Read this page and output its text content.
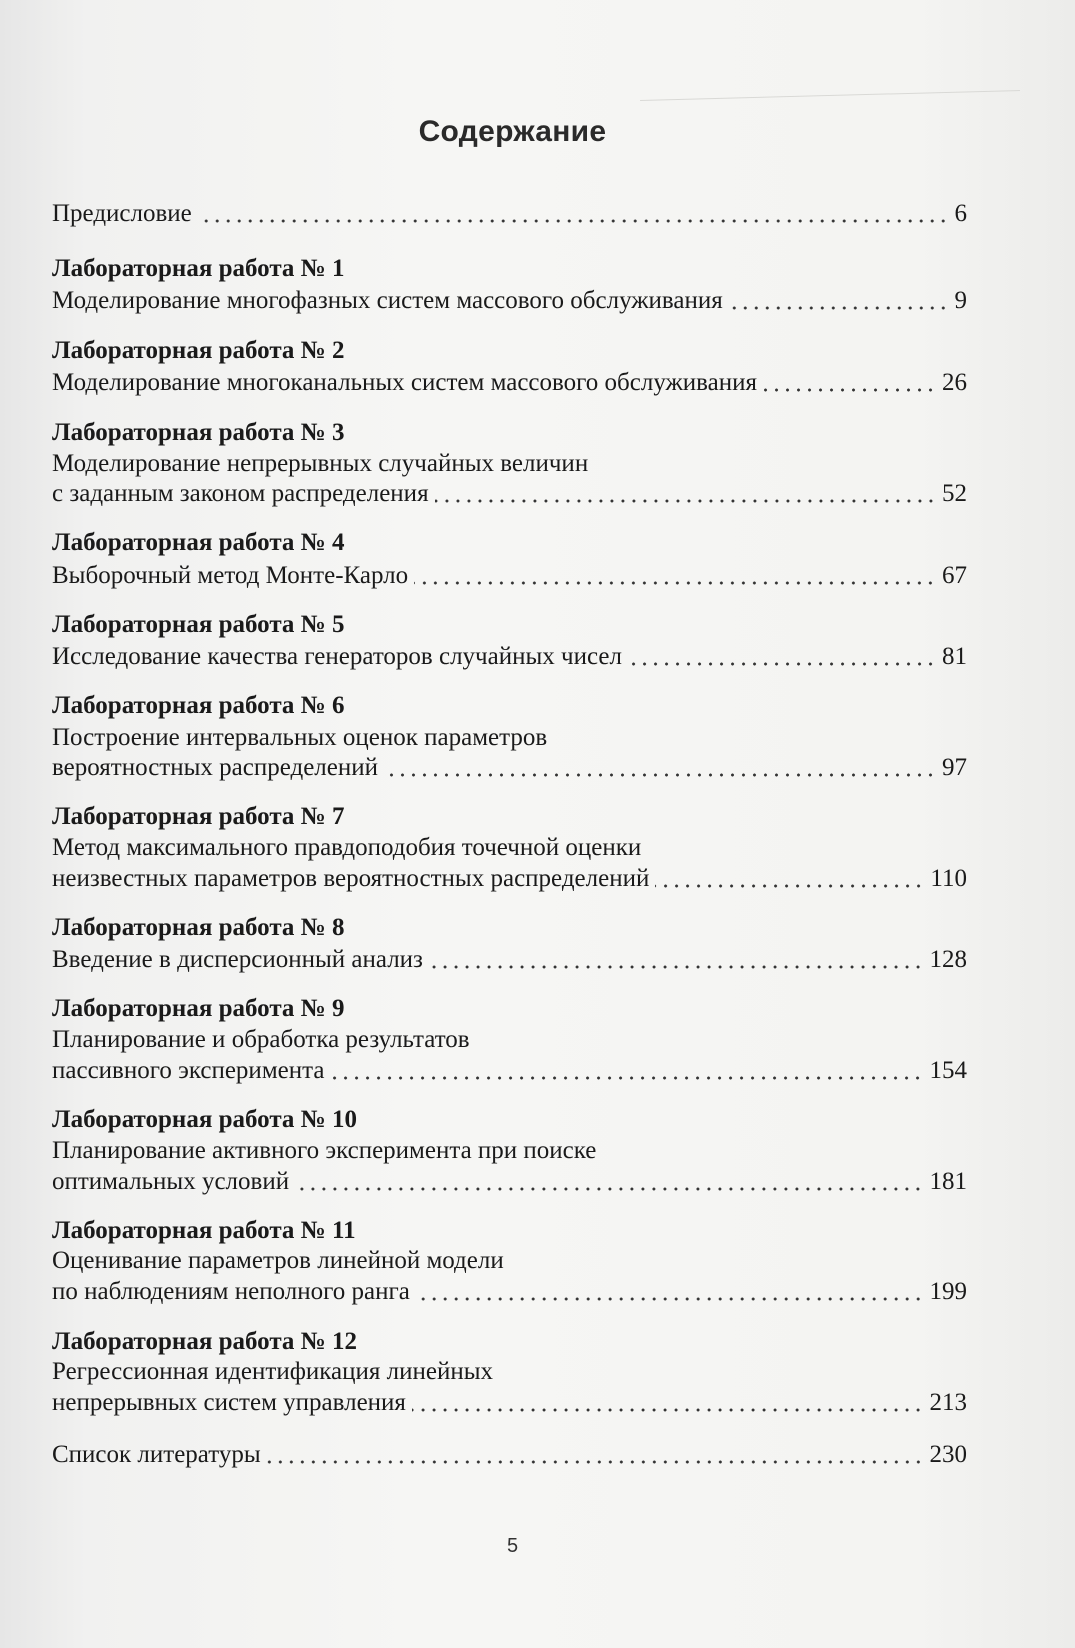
Содержание
Предисловие	6
Лабораторная работа № 1
Моделирование многофазных систем массового обслуживания	9
Лабораторная работа № 2
Моделирование многоканальных систем массового обслуживания	26
Лабораторная работа № 3
Моделирование непрерывных случайных величин
с заданным законом распределения	52
Лабораторная работа № 4
Выборочный метод Монте-Карло	67
Лабораторная работа № 5
Исследование качества генераторов случайных чисел	81
Лабораторная работа № 6
Построение интервальных оценок параметров
вероятностных распределений	97
Лабораторная работа № 7
Метод максимального правдоподобия точечной оценки
неизвестных параметров вероятностных распределений	110
Лабораторная работа № 8
Введение в дисперсионный анализ	128
Лабораторная работа № 9
Планирование и обработка результатов
пассивного эксперимента	154
Лабораторная работа № 10
Планирование активного эксперимента при поиске
оптимальных условий	181
Лабораторная работа № 11
Оценивание параметров линейной модели
по наблюдениям неполного ранга	199
Лабораторная работа № 12
Регрессионная идентификация линейных
непрерывных систем управления	213
Список литературы	230
5
